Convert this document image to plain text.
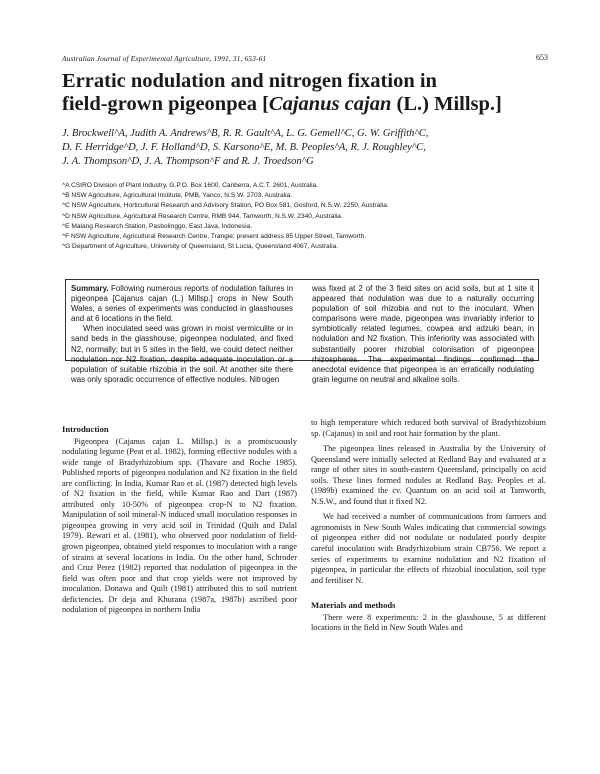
Australian Journal of Experimental Agriculture, 1991, 31, 653-61	653
Erratic nodulation and nitrogen fixation in
field-grown pigeonpea [Cajanus cajan (L.) Millsp.]
J. Brockwell^A, Judith A. Andrews^B, R. R. Gault^A, L. G. Gemell^C, G. W. Griffith^C,
D. F. Herridge^D, J. F. Holland^D, S. Karsono^E, M. B. Peoples^A, R. J. Roughley^C,
J. A. Thompson^D, J. A. Thompson^F and R. J. Troedson^G
^A CSIRO Division of Plant Industry, G.P.O. Box 1600, Canberra, A.C.T. 2601, Australia.
^B NSW Agriculture, Agricultural Institute, PMB, Yanco, N.S.W. 2703, Australia.
^C NSW Agriculture, Horticultural Research and Advisory Station, PO Box 581, Gosford, N.S.W. 2250, Australia.
^D NSW Agriculture, Agricultural Research Centre, RMB 944, Tamworth, N.S.W. 2340, Australia.
^E Malang Research Station, Pasbolinggo, East Java, Indonesia.
^F NSW Agriculture, Agricultural Research Centre, Trangie; present address 85 Upper Street, Tamworth.
^G Department of Agriculture, University of Queensland, St Lucia, Queensland 4067, Australia.
Summary. Following numerous reports of nodulation failures in pigeonpea [Cajanus cajan (L.) Millsp.] crops in New South Wales, a series of experiments was conducted in glasshouses and at 6 locations in the field.
When inoculated seed was grown in moist vermiculite or in sand beds in the glasshouse, pigeonpea nodulated, and fixed N2, normally; but in 5 sites in the field, we could detect neither nodulation nor N2 fixation, despite adequate inoculation or a population of suitable rhizobia in the soil. At another site there was only sporadic occurrence of effective nodules. Nitrogen
was fixed at 2 of the 3 field sites on acid soils, but at 1 site it appeared that nodulation was due to a naturally occurring population of soil rhizobia and not to the inoculant. When comparisons were made, pigeonpea was invariably inferior to symbiotically related legumes, cowpea and adzuki bean, in nodulation and N2 fixation. This inferiority was associated with substantially poorer rhizobial colonisation of pigeonpea rhizospheres. The experimental findings confirmed the anecdotal evidence that pigeonpea is an erratically nodulating grain legume on neutral and alkaline soils.
Introduction

Pigeonpea (Cajanus cajan L. Millsp.) is a promiscuously nodulating legume (Peat et al. 1982), forming effective nodules with a wide range of Bradyrhizobium spp. (Thavare and Roche 1985). Published reports of pigeonpea nodulation and N2 fixation in the field are conflicting. In India, Kumar Rao et al. (1987) detected high levels of N2 fixation in the field, while Kumar Rao and Dart (1987) attributed only 10-50% of pigeonpea crop-N to N2 fixation. Manipulation of soil mineral-N induced small inoculation responses in pigeonpea growing in very acid soil in Trinidad (Quilt and Dalal 1979). Rewari et al. (1981), who observed poor nodulation of field-grown pigeonpea, obtained yield responses to inoculation with a range of strains at several locations in India. On the other hand, Schroder and Cruz Perez (1982) reported that nodulation of pigeonpea in the field was often poor and that crop yields were not improved by inoculation. Donawa and Quilt (1981) attributed this to soil nutrient deficiencies. Dr deja and Khurana (1987a, 1987b) ascribed poor nodulation of pigeonpea in northern India

to high temperature which reduced both survival of Bradyrhizobium sp. (Cajanus) in soil and root hair formation by the plant.

The pigeonpea lines released in Australia by the University of Queensland were initially selected at Redland Bay and evaluated at a range of other sites in south-eastern Queensland, principally on acid soils. These lines formed nodules at Redland Bay. Peoples et al. (1989b) examined the cv. Quantum on an acid soil at Tamworth, N.S.W., and found that it fixed N2.

We had received a number of communications from farmers and agronomists in New South Wales indicating that commercial sowings of pigeonpea either did not nodulate or nodulated poorly despite careful inoculation with Bradyrhizobium strain CB756. We report a series of experiments to examine nodulation and N2 fixation of pigeonpea, in particular the effects of rhizobial inoculation, soil type and fertiliser N.

Materials and methods

There were 8 experiments: 2 in the glasshouse, 5 at different locations in the field in New South Wales and
